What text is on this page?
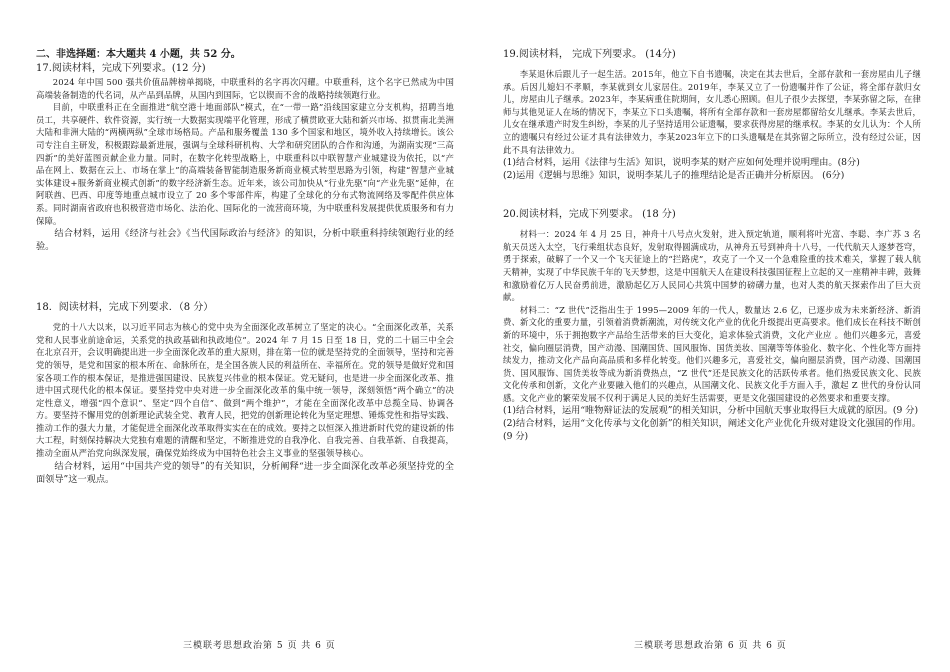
二、非选择题：本大题共 4 小题，共 52 分。

17.阅读材料，完成下列要求。(12 分)

2024 年中国 500 强共价值品牌榜单揭晓，中联重科的名字再次闪耀。中联重科，这个名字已然成为中国高端装备制造的代名词，从产品到品牌，从国内到国际，它以锲而不舍的战略持续领跑行业。

目前，中联重科正在全面推进“航空港十地面部队”模式，在“一带一路”沿线国家建立分支机构，招聘当地员工，共享硬件、软件资源，实行统一大数据实现端平化管理，形成了横贯欧亚大陆和新兴市场、拟贯南北美洲大陆和非洲大陆的“两横两纵”全球市场格局。产品和服务覆盖 130 多个国家和地区，境外收入持续增长。该公司专注自主研发，积极跟踪最新进展，强调与全球科研机构、大学和研究团队的合作和沟通，为湖南实现“三高四新”的美好蓝图贡献企业力量。同时，在数字化转型战略上，中联重科以中联智慧产业城建设为依托，以“产品在网上、数据在云上、市场在掌上”的高端装备智能制造服务新商业模式转型思路为引领，构建“智慧产业城实体建设+服务新商业模式创新”的数字经济新生态。近年来，该公司加快从“行业先驱”向“产业先驱”延伸，在阿联酋、巴西、印度等地重点城市设立了 20 多个零部件库，构建了全球化的分布式物流网络及零配件供应体系。同时湖南省政府也积极营造市场化、法治化、国际化的一流营商环境，为中联重科发展提供优质服务和有力保障。

结合材料，运用《经济与社会》《当代国际政治与经济》的知识，分析中联重科持续领跑行业的经验。

18．阅读材料，完成下列要求．（8 分）

党的十八大以来，以习近平同志为核心的党中央为全面深化改革树立了坚定的决心。“全面深化改革，关系党和人民事业前途命运，关系党的执政基础和执政地位”。2024 年 7 月 15 日至 18 日，党的二十届三中全会在北京召开，会议明确提出进一步全面深化改革的重大原则，排在第一位的就是坚持党的全面领导，坚持和完善党的领导，是党和国家的根本所在、命脉所在，是全国各族人民的利益所在、幸福所在。党的领导是做好党和国家各项工作的根本保证，是推进强国建设、民族复兴伟业的根本保证。党无疑问，也是进一步全面深化改革、推进中国式现代化的根本保证。要坚持党中央对进一步全面深化改革的集中统一领导，深刻领悟“两个确立”的决定性意义，增强“四个意识”、坚定“四个自信”、做到“两个维护”，才能在全面深化改革中总揽全局、协调各方。要坚持不懈用党的创新理论武装全党、教育人民，把党的创新理论转化为坚定理想、锤炼党性和指导实践、推动工作的强大力量，才能促进全面深化改革取得实实在在的成效。要持之以恒深入推进新时代党的建设新的伟大工程，时刻保持解决大党独有难题的清醒和坚定，不断推进党的自我净化、自我完善、自我革新、自我提高，推动全面从严治党向纵深发展，确保党始终成为中国特色社会主义事业的坚强领导核心。

结合材料，运用“中国共产党的领导”的有关知识，分析阐释“进一步全面深化改革必须坚持党的全面领导”这一观点。

19.阅读材料， 完成下列要求。 (14分)

李某退休后跟儿子一起生活。2015年，他立下自书遗嘱，决定在其去世后，全部存款和一套房屋由儿子继承。后因儿媳妇不孝顺，李某就到女儿家居住。2019年，李某又立了一份遗嘱并作了公证，将全部存款归女儿，房屋由儿子继承。2023年，李某病重住院期间，女儿悉心照顾。但儿子很少去探望，李某弥留之际，在律师与其他见证人在场的情况下，李某立下口头遗嘱，将所有全部存款和一套房屋都留给女儿继承。李某去世后，儿女在继承遗产时发生纠纷，李某的儿子坚持适用公证遗嘱，要求获得房屋的继承权。李某的女儿认为：个人所立的遗嘱只有经过公证才具有法律效力，李某2023年立下的口头遗嘱是在其弥留之际所立，没有经过公证，因此不具有法律效力。

(1)结合材料，运用《法律与生活》知识，说明李某的财产应如何处理并说明理由。(8分)

(2)运用《逻辑与思维》知识，说明李某儿子的推理结论是否正确并分析原因。 (6分)

20.阅读材料，完成下列要求。 (18 分)

材料一：2024 年 4 月 25 日，神舟十八号点火发射，进入预定轨道，顺利将叶光富、李聪、李广苏 3 名航天员送入太空，飞行乘组状态良好，发射取得圆满成功，从神舟五号到神舟十八号，一代代航天人逐梦苍穹，勇于探索，破解了一个又一个飞天征途上的“拦路虎”，攻克了一个又一个急难险重的技术难关，掌握了载人航天精神，实现了中华民族千年的飞天梦想，这是中国航天人在建设科技强国征程上立起的又一座精神丰碑，鼓舞和激励着亿万人民奋勇前进，激励起亿万人民同心共筑中国梦的磅礴力量，也对人类的航天探索作出了巨大贡献。

材料二：“Z 世代”泛指出生于 1995—2009 年的一代人，数量达 2.6 亿，已逐步成为未来新经济、新消费、新文化的重要力量，引领着消费新潮流，对传统文化产业的优化升级提出更高要求。他们成长在科技不断创新的环境中，乐于拥抱数字产品给生活带来的巨大变化，追求体验式消费，文化产业应 。他们兴趣多元，喜爱社交，偏向圈层消费，国产动漫、国潮国货、国风服饰、国货美妆、国潮等等体验化、数字化、个性化等方面持续发力，推动文化产品向高品质和多样化转变。他们兴趣多元，喜爱社交，偏向圈层消费，国产动漫、国潮国货、国风服饰、国货美妆等成为新消费热点，“Z 世代”还是民族文化的活跃传承者。他们热爱民族文化、民族文化传承和创新，文化产业要融入他们的兴趣点，从国潮文化、民族文化手方面入手，激起 Z 世代的身份认同感。文化产业的繁荣发展不仅利于满足人民的美好生活需要，更是文化强国建设的必然要求和重要支撑。

(1)结合材料，运用“唯物辩证法的发展观”的相关知识，分析中国航天事业取得巨大成就的原因。(9 分)

(2)结合材料，运用“文化传承与文化创新”的相关知识，阐述文化产业优化升级对建设文化强国的作用。(9 分)

三模联考思想政治第 5 页 共 6 页	三模联考思想政治第 6 页 共 6 页
